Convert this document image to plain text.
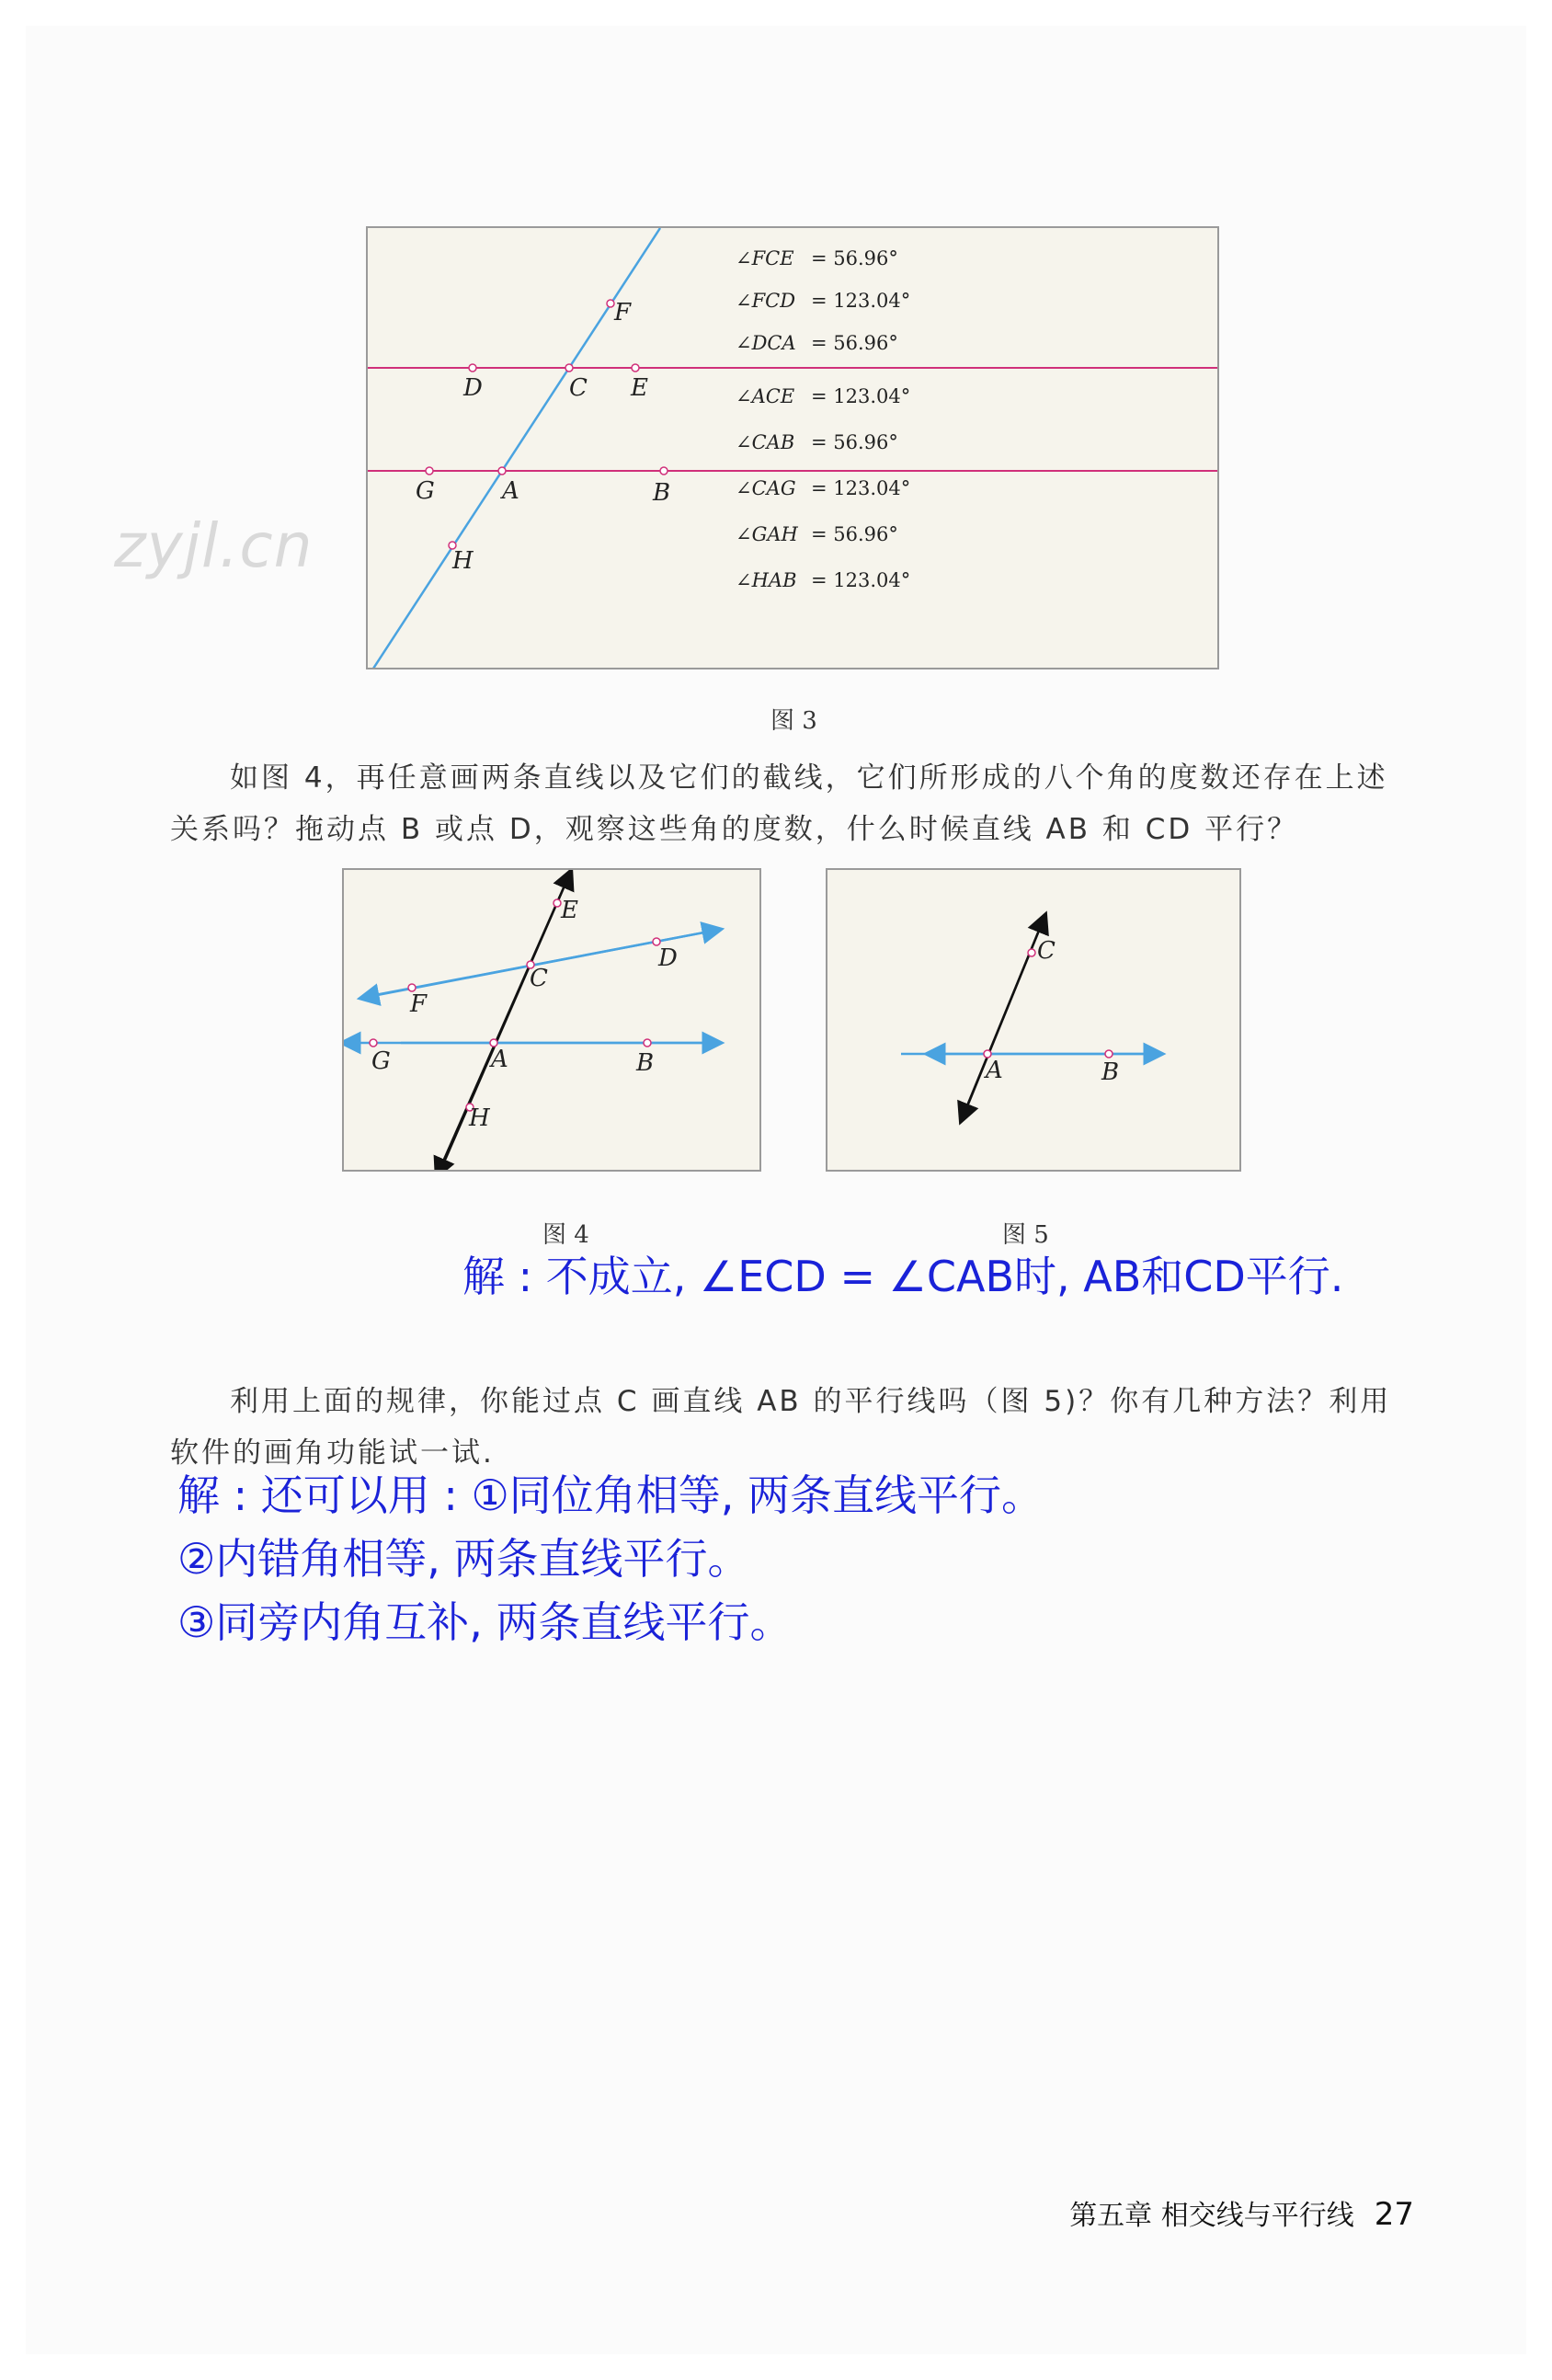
zyjl.cn
F
D	C E
G	A	B
H
∠FCE = 56.96°
∠FCD = 123.04°
∠DCA = 56.96°
∠ACE = 123.04°
∠CAB = 56.96°
∠CAG = 123.04°
∠GAH = 56.96°
∠HAB = 123.04°
图 3
如图 4，再任意画两条直线以及它们的截线，它们所形成的八个角的度数还存在上述
关系吗？拖动点 B 或点 D，观察这些角的度数，什么时候直线 AB 和 CD 平行？
E
D
C
F
G	A	B
H
图 4
C
A	B
图 5
解 : 不成立, ∠ECD = ∠CAB时, AB和CD平行.
利用上面的规律，你能过点 C 画直线 AB 的平行线吗（图 5)？你有几种方法？利用
软件的画角功能试一试.
解 : 还可以用 : ①同位角相等, 两条直线平行。
②内错角相等, 两条直线平行。
③同旁内角互补, 两条直线平行。
第五章 相交线与平行线 27
